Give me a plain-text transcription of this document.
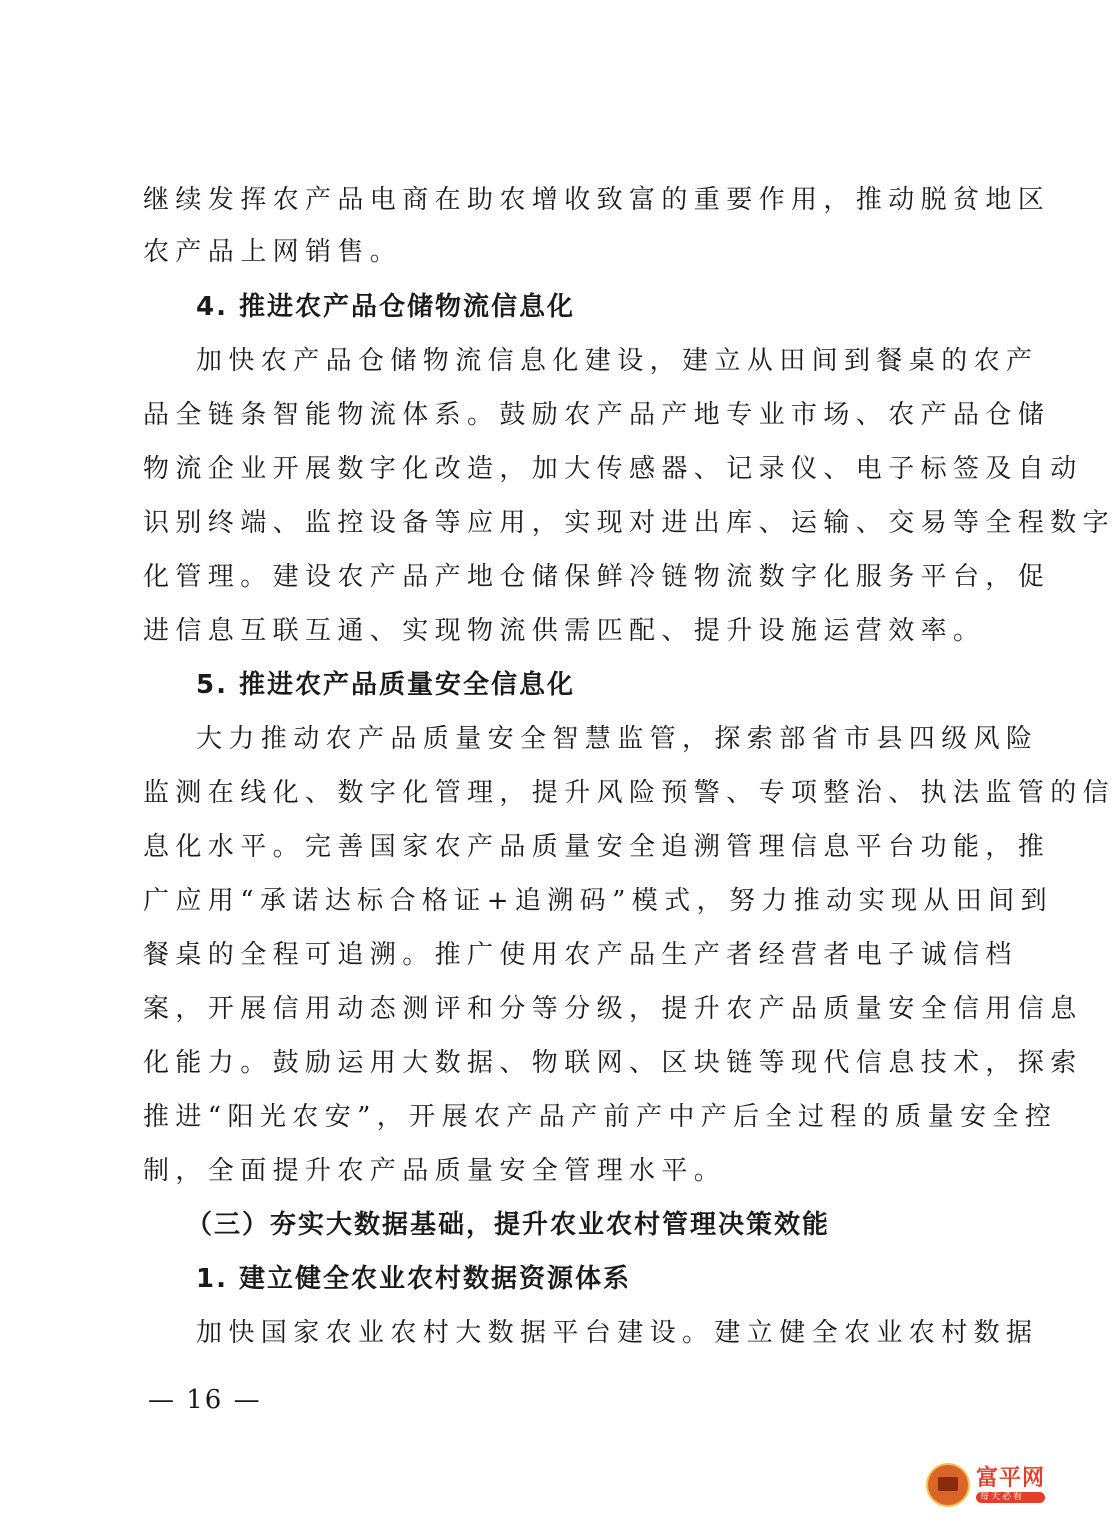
继续发挥农产品电商在助农增收致富的重要作用，推动脱贫地区
农产品上网销售。
4. 推进农产品仓储物流信息化
加快农产品仓储物流信息化建设，建立从田间到餐桌的农产
品全链条智能物流体系。鼓励农产品产地专业市场、农产品仓储
物流企业开展数字化改造，加大传感器、记录仪、电子标签及自动
识别终端、监控设备等应用，实现对进出库、运输、交易等全程数字
化管理。建设农产品产地仓储保鲜冷链物流数字化服务平台，促
进信息互联互通、实现物流供需匹配、提升设施运营效率。
5. 推进农产品质量安全信息化
大力推动农产品质量安全智慧监管，探索部省市县四级风险
监测在线化、数字化管理，提升风险预警、专项整治、执法监管的信
息化水平。完善国家农产品质量安全追溯管理信息平台功能，推
广应用“承诺达标合格证+追溯码”模式，努力推动实现从田间到
餐桌的全程可追溯。推广使用农产品生产者经营者电子诚信档
案，开展信用动态测评和分等分级，提升农产品质量安全信用信息
化能力。鼓励运用大数据、物联网、区块链等现代信息技术，探索
推进“阳光农安”，开展农产品产前产中产后全过程的质量安全控
制，全面提升农产品质量安全管理水平。
（三）夯实大数据基础，提升农业农村管理决策效能
1. 建立健全农业农村数据资源体系
加快国家农业农村大数据平台建设。建立健全农业农村数据
— 16 —
富平网
每天必看
